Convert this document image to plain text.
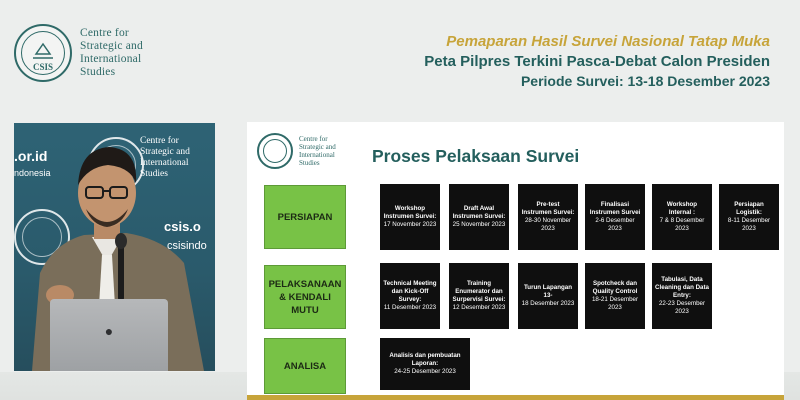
CSIS
Centre for
Strategic and
International
Studies
Pemaparan Hasil Survei Nasional Tatap Muka
Peta Pilpres Terkini Pasca-Debat Calon Presiden
Periode Survei: 13-18 Desember 2023
.or.id
ndonesia
Centre for
Strategic and
International
Studies
csis.o
csisindo
●
Centre for
Strategic and
International
Studies	Proses Pelaksaan Survei
PERSIAPAN
PELAKSANAAN & KENDALI MUTU
ANALISA
Workshop Instrumen Survei:
17 November 2023
Draft Awal Instrumen Survei:
25 November 2023
Pre-test Instrumen Survei:
28-30 November 2023
Finalisasi Instrumen Survei
2-6 Desember 2023
Workshop Internal :
7 & 8 Desember 2023
Persiapan Logistik:
8-11 Desember 2023
Technical Meeting dan Kick-Off Survey:
11 Desember 2023
Training Enumerator dan Surpervisi Survei:
12 Desember 2023
Turun Lapangan 13-
18 Desember 2023
Spotcheck dan Quality Control
18-21 Desember 2023
Tabulasi, Data Cleaning dan Data Entry:
22-23 Desember 2023
Analisis dan pembuatan Laporan:
24-25 Desember 2023
